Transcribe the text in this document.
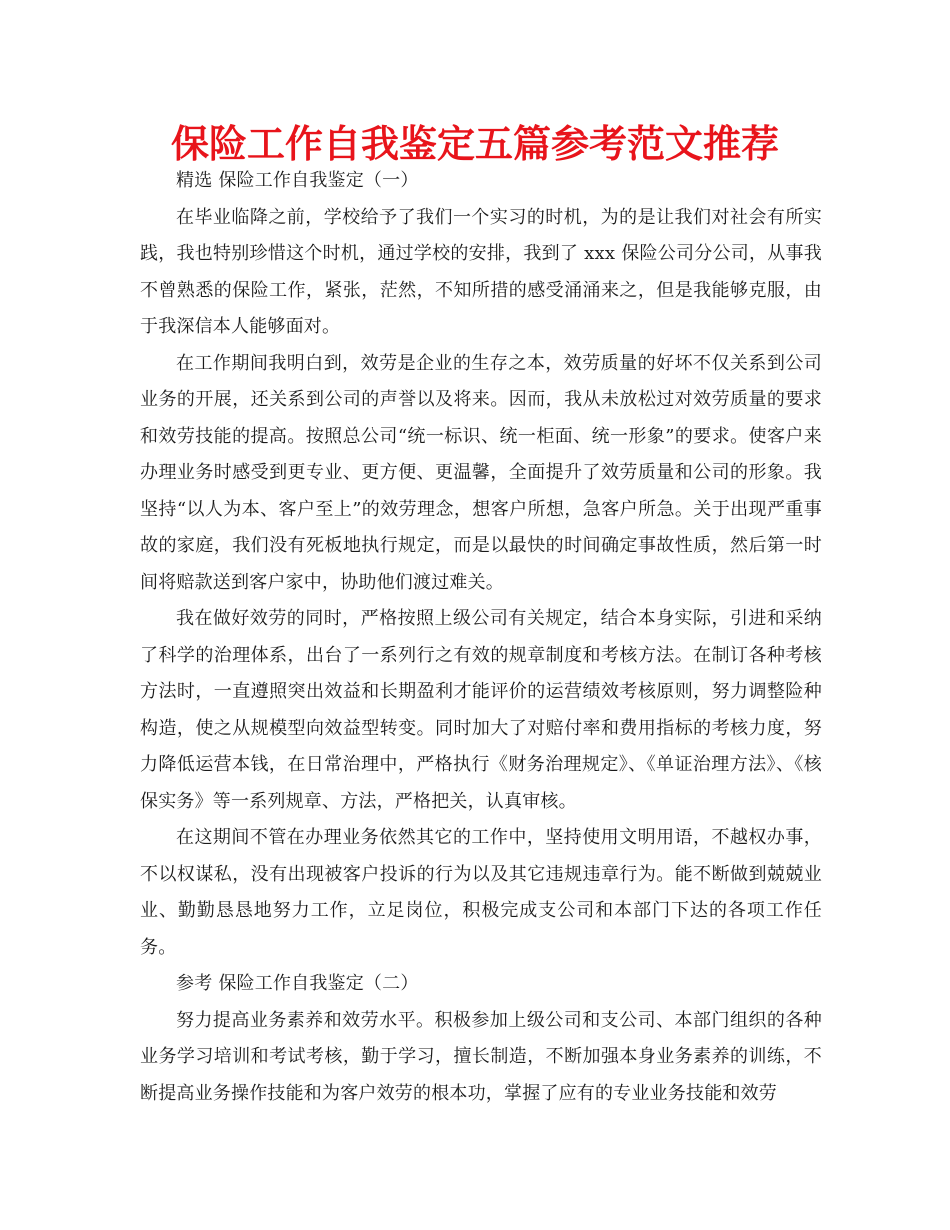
保险工作自我鉴定五篇参考范文推荐

精选 保险工作自我鉴定（一）

在毕业临降之前，学校给予了我们一个实习的时机，为的是让我们对社会有所实践，我也特别珍惜这个时机，通过学校的安排，我到了 xxx 保险公司分公司，从事我不曾熟悉的保险工作，紧张，茫然，不知所措的感受涌涌来之，但是我能够克服，由于我深信本人能够面对。

在工作期间我明白到，效劳是企业的生存之本，效劳质量的好坏不仅关系到公司业务的开展，还关系到公司的声誉以及将来。因而，我从未放松过对效劳质量的要求和效劳技能的提高。按照总公司“统一标识、统一柜面、统一形象”的要求。使客户来办理业务时感受到更专业、更方便、更温馨，全面提升了效劳质量和公司的形象。我坚持“以人为本、客户至上”的效劳理念，想客户所想，急客户所急。关于出现严重事故的家庭，我们没有死板地执行规定，而是以最快的时间确定事故性质，然后第一时间将赔款送到客户家中，协助他们渡过难关。

我在做好效劳的同时，严格按照上级公司有关规定，结合本身实际，引进和采纳了科学的治理体系，出台了一系列行之有效的规章制度和考核方法。在制订各种考核方法时，一直遵照突出效益和长期盈利才能评价的运营绩效考核原则，努力调整险种构造，使之从规模型向效益型转变。同时加大了对赔付率和费用指标的考核力度，努力降低运营本钱，在日常治理中，严格执行《财务治理规定》、《单证治理方法》、《核保实务》等一系列规章、方法，严格把关，认真审核。

在这期间不管在办理业务依然其它的工作中，坚持使用文明用语，不越权办事，不以权谋私，没有出现被客户投诉的行为以及其它违规违章行为。能不断做到兢兢业业、勤勤恳恳地努力工作，立足岗位，积极完成支公司和本部门下达的各项工作任务。

参考 保险工作自我鉴定（二）

努力提高业务素养和效劳水平。积极参加上级公司和支公司、本部门组织的各种业务学习培训和考试考核，勤于学习，擅长制造，不断加强本身业务素养的训练，不断提高业务操作技能和为客户效劳的根本功，掌握了应有的专业业务技能和效劳
